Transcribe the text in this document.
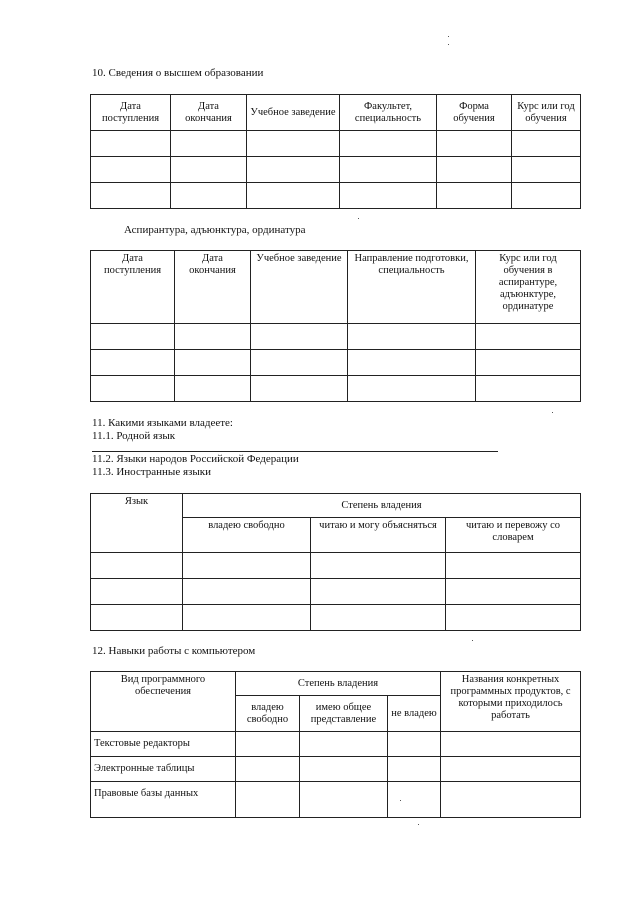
10. Сведения о высшем образовании
Дата поступления	Дата окончания	Учебное заведение	Факультет, специальность	Форма обучения	Курс или год обучения

Аспирантура, адъюнктура, ординатура
Дата поступления	Дата окончания	Учебное заведение	Направление подготовки, специальность	Курс или год обучения в аспирантуре, адъюнктуре, ординатуре

11. Какими языками владеете:
11.1. Родной язык
11.2. Языки народов Российской Федерации
11.3. Иностранные языки
Язык	Степень владения		
	владею свободно	читаю и могу объясняться	читаю и перевожу со словарем

12. Навыки работы с компьютером
Вид программного обеспечения	Степень владения			Названия конкретных программных продуктов, с которыми приходилось работать
	владею свободно	имею общее представление	не владею	
Текстовые редакторы				
Электронные таблицы				
Правовые базы данных				
